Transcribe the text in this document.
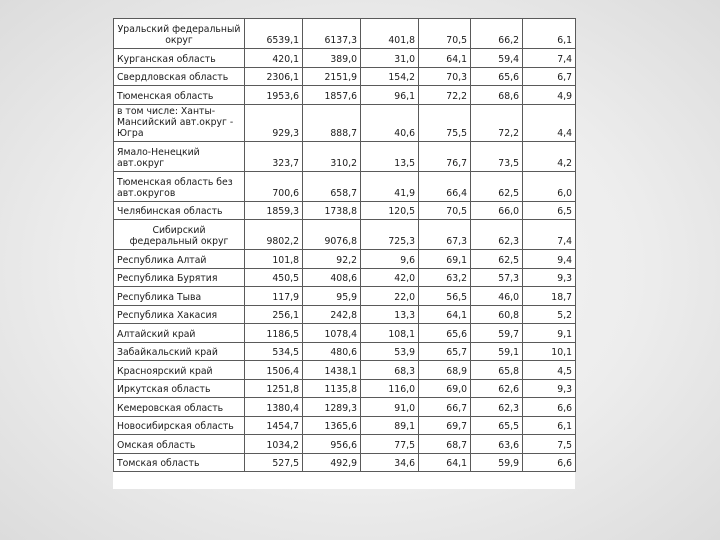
Уральский федеральный округ	6539,1	6137,3	401,8	70,5	66,2	6,1
Курганская область	420,1	389,0	31,0	64,1	59,4	7,4
Свердловская область	2306,1	2151,9	154,2	70,3	65,6	6,7
Тюменская область	1953,6	1857,6	96,1	72,2	68,6	4,9
в том числе: Ханты-Мансийский авт.округ - Югра	929,3	888,7	40,6	75,5	72,2	4,4
Ямало-Ненецкий авт.округ	323,7	310,2	13,5	76,7	73,5	4,2
Тюменская область без авт.округов	700,6	658,7	41,9	66,4	62,5	6,0
Челябинская область	1859,3	1738,8	120,5	70,5	66,0	6,5
Сибирский федеральный округ	9802,2	9076,8	725,3	67,3	62,3	7,4
Республика Алтай	101,8	92,2	9,6	69,1	62,5	9,4
Республика Бурятия	450,5	408,6	42,0	63,2	57,3	9,3
Республика Тыва	117,9	95,9	22,0	56,5	46,0	18,7
Республика Хакасия	256,1	242,8	13,3	64,1	60,8	5,2
Алтайский край	1186,5	1078,4	108,1	65,6	59,7	9,1
Забайкальский край	534,5	480,6	53,9	65,7	59,1	10,1
Красноярский край	1506,4	1438,1	68,3	68,9	65,8	4,5
Иркутская область	1251,8	1135,8	116,0	69,0	62,6	9,3
Кемеровская область	1380,4	1289,3	91,0	66,7	62,3	6,6
Новосибирская область	1454,7	1365,6	89,1	69,7	65,5	6,1
Омская область	1034,2	956,6	77,5	68,7	63,6	7,5
Томская область	527,5	492,9	34,6	64,1	59,9	6,6
